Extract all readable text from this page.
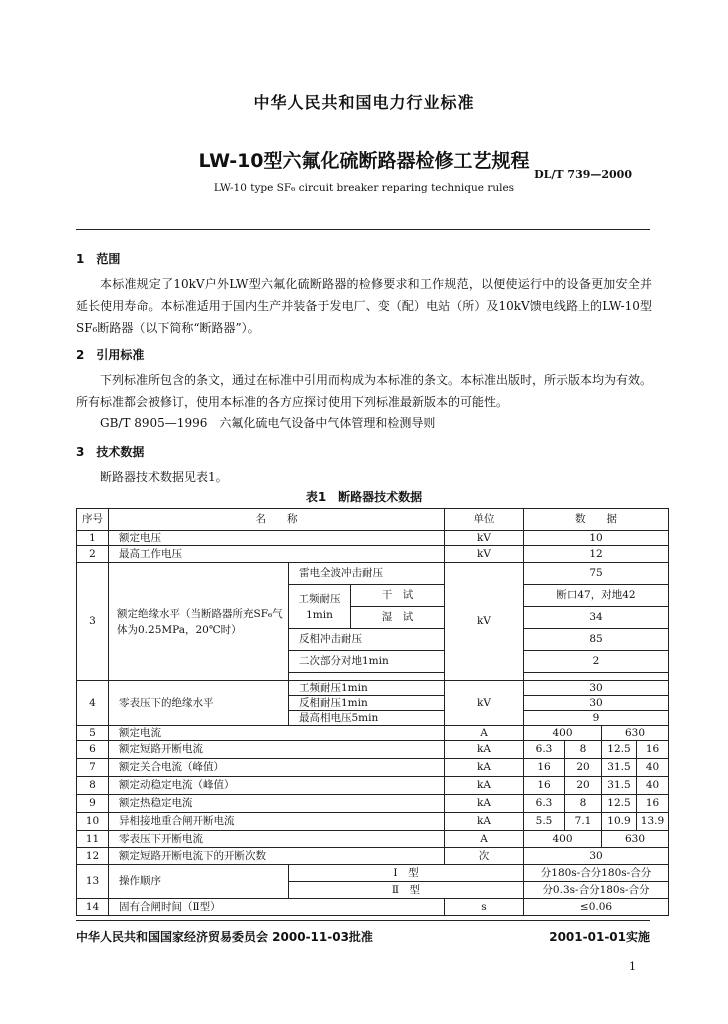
中华人民共和国电力行业标准
LW-10型六氟化硫断路器检修工艺规程
DL/T 739—2000
LW-10 type SF₆ circuit breaker reparing technique rules
1　范围
本标准规定了10kV户外LW型六氟化硫断路器的检修要求和工作规范，以便使运行中的设备更加安全并延长使用寿命。本标准适用于国内生产并装备于发电厂、变（配）电站（所）及10kV馈电线路上的LW-10型SF₆断路器（以下简称“断路器”）。
2　引用标准
下列标准所包含的条文，通过在标准中引用而构成为本标准的条文。本标准出版时，所示版本均为有效。所有标准都会被修订，使用本标准的各方应探讨使用下列标准最新版本的可能性。
GB/T 8905—1996　六氟化硫电气设备中气体管理和检测导则
3　技术数据
断路器技术数据见表1。
表1　断路器技术数据
序号	名　　称			单位	数　　据			
1	额定电压			kV	10			
2	最高工作电压			kV	12			
3	额定绝缘水平（当断路器所充SF₆气体为0.25MPa，20℃时）	雷电全波冲击耐压		kV	75			

		工频耐压
1min	干　试		断口47，对地42			
			湿　试		34			
		反相冲击耐压			85			
		二次部分对地1min			2			

4	零表压下的绝缘水平	工频耐压1min		kV	30			
		反相耐压1min			30			
		最高相电压5min			9			
5	额定电流			A	400		630	
6	额定短路开断电流			kA	6.3	8	12.5	16
7	额定关合电流（峰值）			kA	16	20	31.5	40
8	额定动稳定电流（峰值）			kA	16	20	31.5	40
9	额定热稳定电流			kA	6.3	8	12.5	16
10	异相接地重合闸开断电流			kA	5.5	7.1	10.9	13.9
11	零表压下开断电流			A	400		630	
12	额定短路开断电流下的开断次数			次	30			
13	操作顺序	Ⅰ　型			分180s-合分180s-合分			
		Ⅱ　型			分0.3s-合分180s-合分			
14	固有合闸时间（Ⅱ型）			s	≤0.06			
中华人民共和国国家经济贸易委员会 2000-11-03批准	2001-01-01实施
1
